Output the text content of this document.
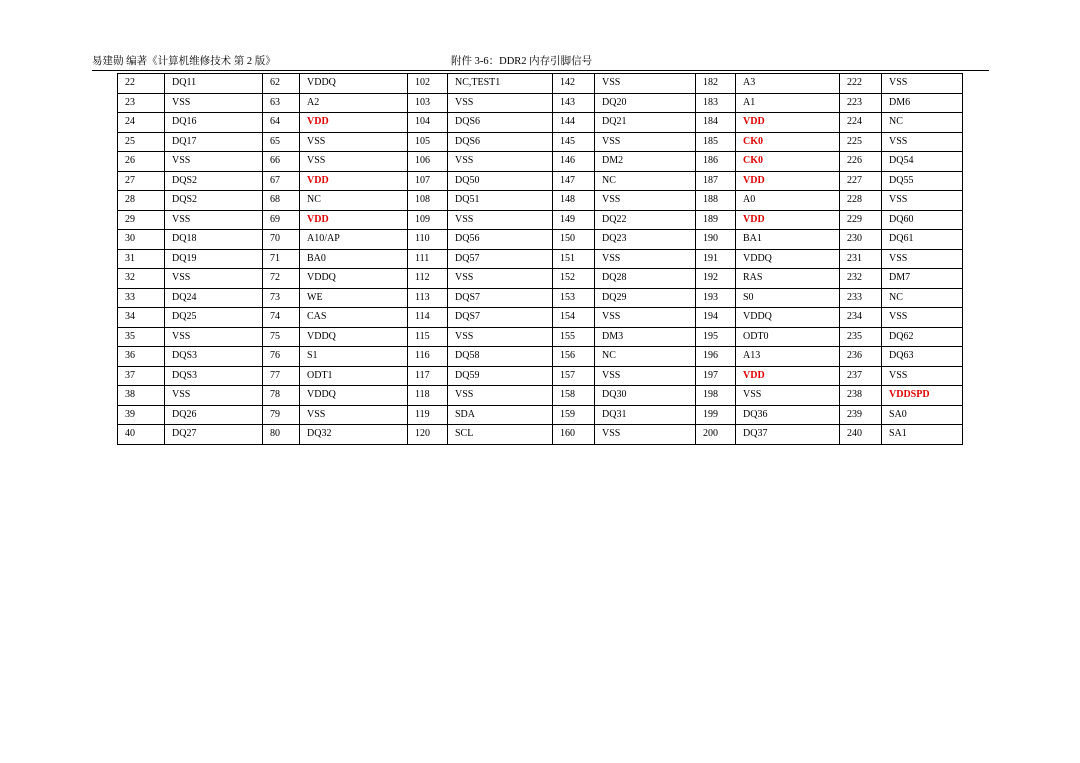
易建勋 编著《计算机维修技术 第 2 版》	附件 3-6：DDR2 内存引脚信号
22	DQ11	62	VDDQ	102	NC,TEST1	142	VSS	182	A3	222	VSS
23	VSS	63	A2	103	VSS	143	DQ20	183	A1	223	DM6
24	DQ16	64	VDD	104	DQS6	144	DQ21	184	VDD	224	NC
25	DQ17	65	VSS	105	DQS6	145	VSS	185	CK0	225	VSS
26	VSS	66	VSS	106	VSS	146	DM2	186	CK0	226	DQ54
27	DQS2	67	VDD	107	DQ50	147	NC	187	VDD	227	DQ55
28	DQS2	68	NC	108	DQ51	148	VSS	188	A0	228	VSS
29	VSS	69	VDD	109	VSS	149	DQ22	189	VDD	229	DQ60
30	DQ18	70	A10/AP	110	DQ56	150	DQ23	190	BA1	230	DQ61
31	DQ19	71	BA0	111	DQ57	151	VSS	191	VDDQ	231	VSS
32	VSS	72	VDDQ	112	VSS	152	DQ28	192	RAS	232	DM7
33	DQ24	73	WE	113	DQS7	153	DQ29	193	S0	233	NC
34	DQ25	74	CAS	114	DQS7	154	VSS	194	VDDQ	234	VSS
35	VSS	75	VDDQ	115	VSS	155	DM3	195	ODT0	235	DQ62
36	DQS3	76	S1	116	DQ58	156	NC	196	A13	236	DQ63
37	DQS3	77	ODT1	117	DQ59	157	VSS	197	VDD	237	VSS
38	VSS	78	VDDQ	118	VSS	158	DQ30	198	VSS	238	VDDSPD
39	DQ26	79	VSS	119	SDA	159	DQ31	199	DQ36	239	SA0
40	DQ27	80	DQ32	120	SCL	160	VSS	200	DQ37	240	SA1
